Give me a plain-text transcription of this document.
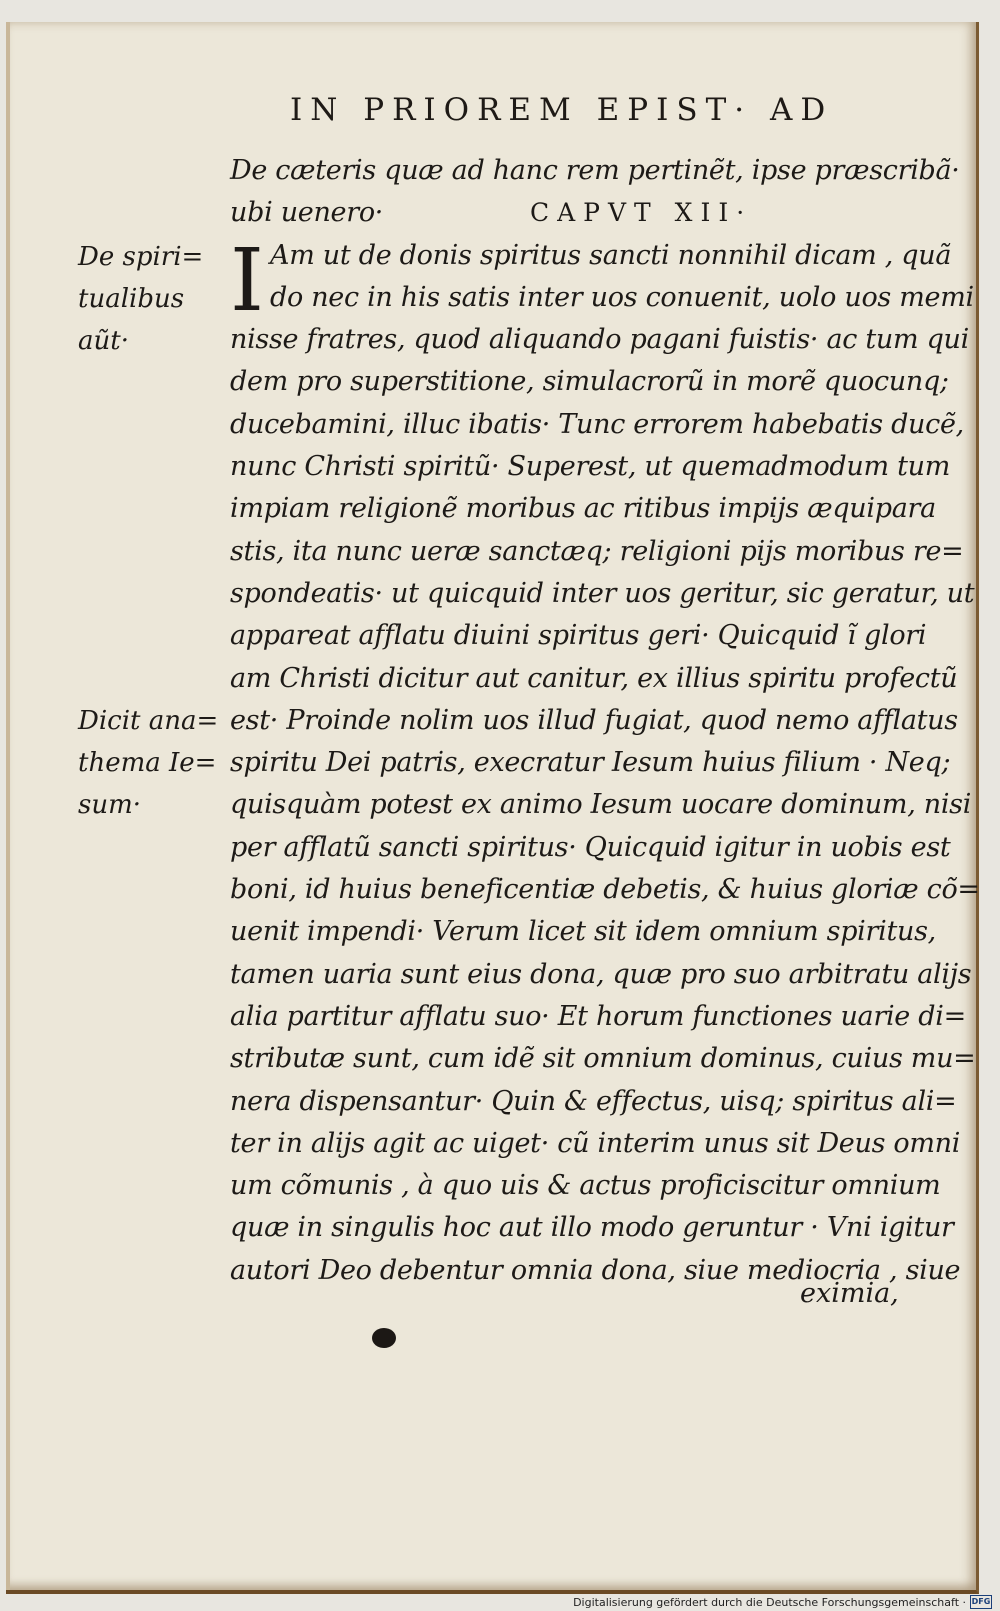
IN PRIOREM EPIST· AD
I
De cæteris quæ ad hanc rem pertinẽt, ipse præscribã·
ubi uenero·	CAPVT XII·
Am ut de donis spiritus sancti nonnihil dicam , quã
do nec in his satis inter uos conuenit, uolo uos memi
nisse fratres, quod aliquando pagani fuistis· ac tum qui
dem pro superstitione, simulacrorũ in morẽ quocunq;
ducebamini, illuc ibatis· Tunc errorem habebatis ducẽ,
nunc Christi spiritũ· Superest, ut quemadmodum tum
impiam religionẽ moribus ac ritibus impijs æquipara
stis, ita nunc ueræ sanctæq; religioni pijs moribus re=
spondeatis· ut quicquid inter uos geritur, sic geratur, ut
appareat afflatu diuini spiritus geri· Quicquid ĩ glori
am Christi dicitur aut canitur, ex illius spiritu profectũ
est· Proinde nolim uos illud fugiat, quod nemo afflatus
spiritu Dei patris, execratur Iesum huius filium · Neq;
quisquàm potest ex animo Iesum uocare dominum, nisi
per afflatũ sancti spiritus· Quicquid igitur in uobis est
boni, id huius beneficentiæ debetis, & huius gloriæ cõ=
uenit impendi· Verum licet sit idem omnium spiritus,
tamen uaria sunt eius dona, quæ pro suo arbitratu alijs
alia partitur afflatu suo· Et horum functiones uarie di=
stributæ sunt, cum idẽ sit omnium dominus, cuius mu=
nera dispensantur· Quin & effectus, uisq; spiritus ali=
ter in alijs agit ac uiget· cũ interim unus sit Deus omni
um cõmunis , à quo uis & actus proficiscitur omnium
quæ in singulis hoc aut illo modo geruntur · Vni igitur
autori Deo debentur omnia dona, siue mediocria , siue
eximia,
De spiri=
tualibus
aũt·
Dicit ana=
thema Ie=
sum·
Digitalisierung gefördert durch die Deutsche Forschungsgemeinschaft · DFG
